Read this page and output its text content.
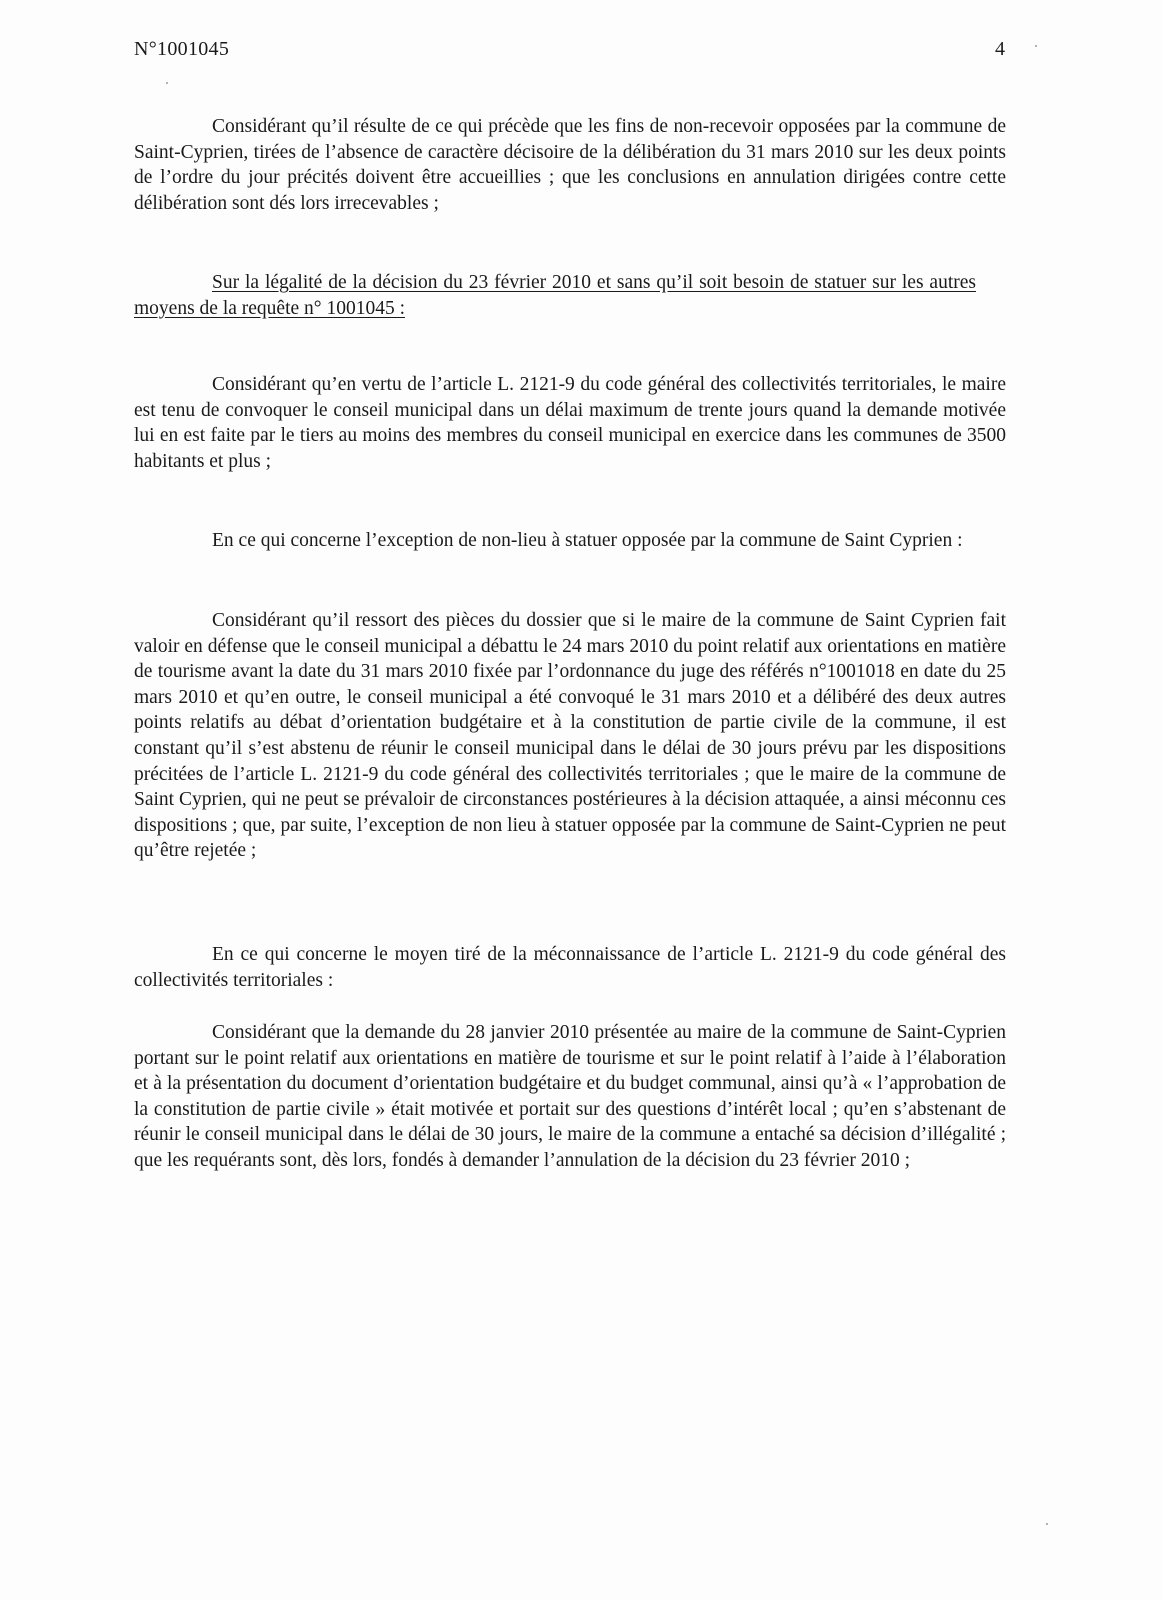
N°1001045	4

Considérant qu’il résulte de ce qui précède que les fins de non-recevoir opposées par la commune de Saint-Cyprien, tirées de l’absence de caractère décisoire de la délibération du 31 mars 2010 sur les deux points de l’ordre du jour précités doivent être accueillies ; que les conclusions en annulation dirigées contre cette délibération sont dés lors irrecevables ;

Sur la légalité de la décision du 23 février 2010 et sans qu’il soit besoin de statuer sur les autres moyens de la requête n° 1001045 :

Considérant qu’en vertu de l’article L. 2121-9 du code général des collectivités territoriales, le maire est tenu de convoquer le conseil municipal dans un délai maximum de trente jours quand la demande motivée lui en est faite par le tiers au moins des membres du conseil municipal en exercice dans les communes de 3500 habitants et plus ;

En ce qui concerne l’exception de non-lieu à statuer opposée par la commune de Saint Cyprien :

Considérant qu’il ressort des pièces du dossier que si le maire de la commune de Saint Cyprien fait valoir en défense que le conseil municipal a débattu le 24 mars 2010 du point relatif aux orientations en matière de tourisme avant la date du 31 mars 2010 fixée par l’ordonnance du juge des référés n°1001018 en date du 25 mars 2010 et qu’en outre, le conseil municipal a été convoqué le 31 mars 2010 et a délibéré des deux autres points relatifs au débat d’orientation budgétaire et à la constitution de partie civile de la commune, il est constant qu’il s’est abstenu de réunir le conseil municipal dans le délai de 30 jours prévu par les dispositions précitées de l’article L. 2121-9 du code général des collectivités territoriales ; que le maire de la commune de Saint Cyprien, qui ne peut se prévaloir de circonstances postérieures à la décision attaquée, a ainsi méconnu ces dispositions ; que, par suite, l’exception de non lieu à statuer opposée par la commune de Saint-Cyprien ne peut qu’être rejetée ;

En ce qui concerne le moyen tiré de la méconnaissance de l’article L. 2121-9 du code général des collectivités territoriales :

Considérant que la demande du 28 janvier 2010 présentée au maire de la commune de Saint-Cyprien portant sur le point relatif aux orientations en matière de tourisme et sur le point relatif à l’aide à l’élaboration et à la présentation du document d’orientation budgétaire et du budget communal, ainsi qu’à « l’approbation de la constitution de partie civile » était motivée et portait sur des questions d’intérêt local ; qu’en s’abstenant de réunir le conseil municipal dans le délai de 30 jours, le maire de la commune a entaché sa décision d’illégalité ; que les requérants sont, dès lors, fondés à demander l’annulation de la décision du 23 février 2010 ;
